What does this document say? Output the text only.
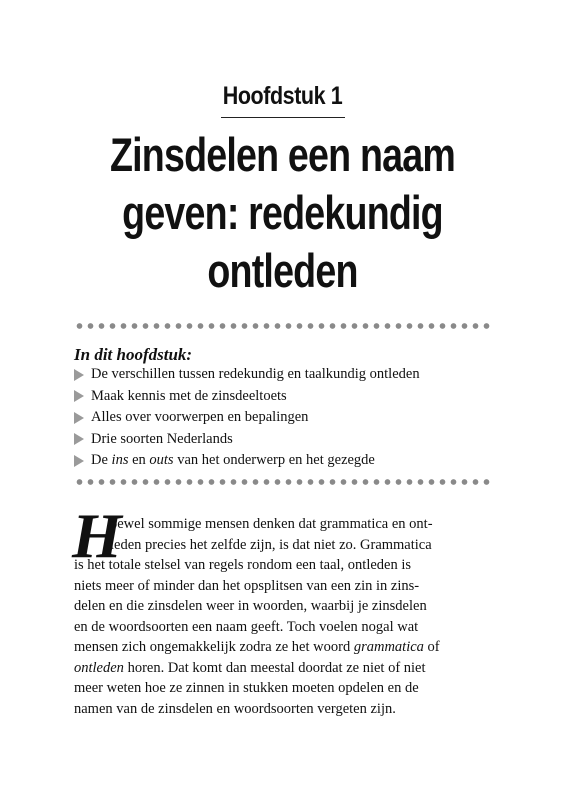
Hoofdstuk 1
Zinsdelen een naam
geven: redekundig
ontleden
In dit hoofdstuk:
De verschillen tussen redekundig en taalkundig ontleden
Maak kennis met de zinsdeeltoets
Alles over voorwerpen en bepalingen
Drie soorten Nederlands
De ins en outs van het onderwerp en het gezegde
H
oewel sommige mensen denken dat grammatica en ont-
leden precies het zelfde zijn, is dat niet zo. Grammatica
is het totale stelsel van regels rondom een taal, ontleden is
niets meer of minder dan het opsplitsen van een zin in zins-
delen en die zinsdelen weer in woorden, waarbij je zinsdelen
en de woordsoorten een naam geeft. Toch voelen nogal wat
mensen zich ongemakkelijk zodra ze het woord grammatica of
ontleden horen. Dat komt dan meestal doordat ze niet of niet
meer weten hoe ze zinnen in stukken moeten opdelen en de
namen van de zinsdelen en woordsoorten vergeten zijn.
